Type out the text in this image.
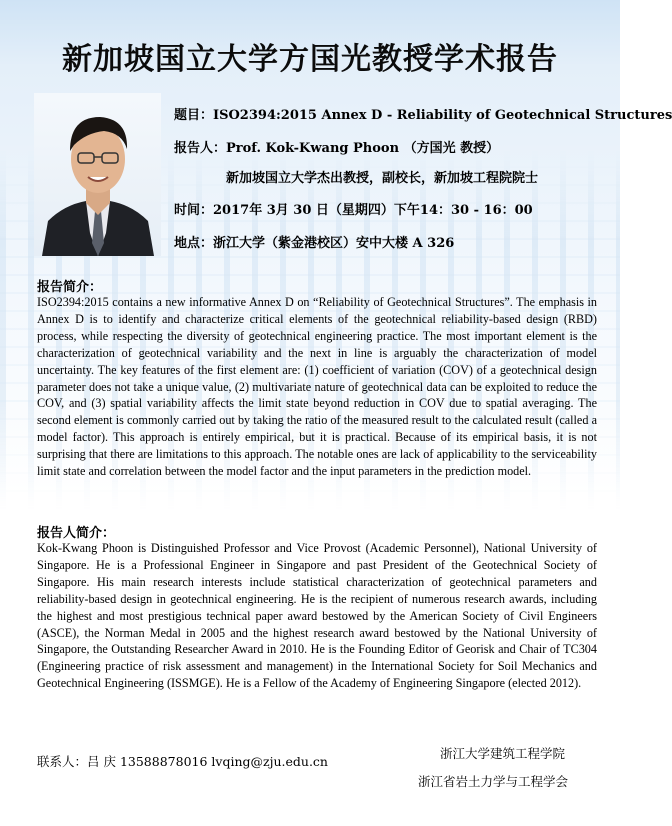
新加坡国立大学方国光教授学术报告
题目：ISO2394:2015 Annex D - Reliability of Geotechnical Structures
报告人：Prof. Kok-Kwang Phoon （方国光 教授）
新加坡国立大学杰出教授，副校长，新加坡工程院院士
时间：2017年 3月 30 日（星期四）下午14：30 - 16：00
地点：浙江大学（紫金港校区）安中大楼 A 326
报告简介：
ISO2394:2015 contains a new informative Annex D on “Reliability of Geotechnical Structures”. The emphasis in Annex D is to identify and characterize critical elements of the geotechnical reliability-based design (RBD) process, while respecting the diversity of geotechnical engineering practice. The most important element is the characterization of geotechnical variability and the next in line is arguably the characterization of model uncertainty. The key features of the first element are: (1) coefficient of variation (COV) of a geotechnical design parameter does not take a unique value, (2) multivariate nature of geotechnical data can be exploited to reduce the COV, and (3) spatial variability affects the limit state beyond reduction in COV due to spatial averaging. The second element is commonly carried out by taking the ratio of the measured result to the calculated result (called a model factor). This approach is entirely empirical, but it is practical. Because of its empirical basis, it is not surprising that there are limitations to this approach. The notable ones are lack of applicability to the serviceability limit state and correlation between the model factor and the input parameters in the prediction model.
报告人简介：
Kok-Kwang Phoon is Distinguished Professor and Vice Provost (Academic Personnel), National University of Singapore. He is a Professional Engineer in Singapore and past President of the Geotechnical Society of Singapore. His main research interests include statistical characterization of geotechnical parameters and reliability-based design in geotechnical engineering. He is the recipient of numerous research awards, including the highest and most prestigious technical paper award bestowed by the American Society of Civil Engineers (ASCE), the Norman Medal in 2005 and the highest research award bestowed by the National University of Singapore, the Outstanding Researcher Award in 2010. He is the Founding Editor of Georisk and Chair of TC304 (Engineering practice of risk assessment and management) in the International Society for Soil Mechanics and Geotechnical Engineering (ISSMGE). He is a Fellow of the Academy of Engineering Singapore (elected 2012).
联系人：吕 庆 13588878016 lvqing@zju.edu.cn
浙江大学建筑工程学院
浙江省岩土力学与工程学会
